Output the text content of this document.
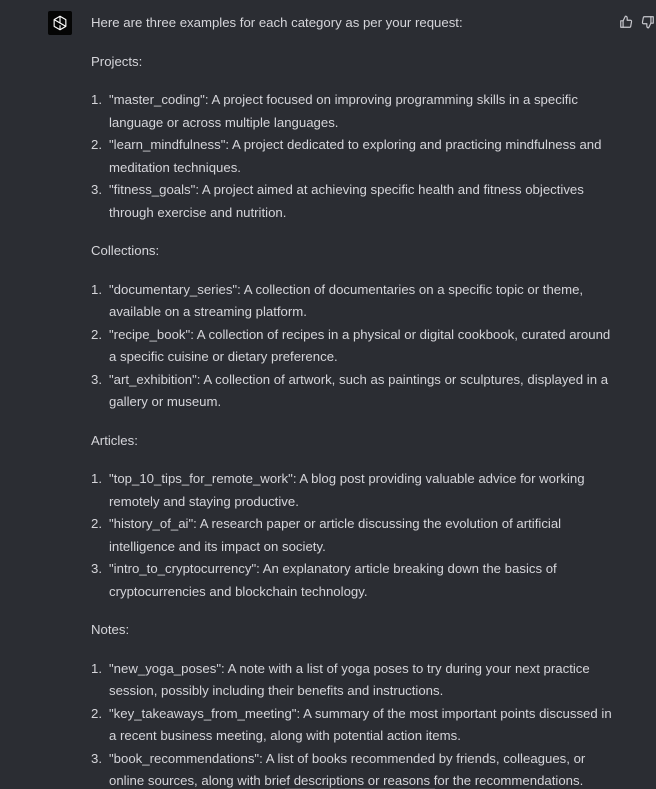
Here are three examples for each category as per your request:

Projects:

1. "master_coding": A project focused on improving programming skills in a specific language or across multiple languages.
2. "learn_mindfulness": A project dedicated to exploring and practicing mindfulness and meditation techniques.
3. "fitness_goals": A project aimed at achieving specific health and fitness objectives through exercise and nutrition.

Collections:

1. "documentary_series": A collection of documentaries on a specific topic or theme, available on a streaming platform.
2. "recipe_book": A collection of recipes in a physical or digital cookbook, curated around a specific cuisine or dietary preference.
3. "art_exhibition": A collection of artwork, such as paintings or sculptures, displayed in a gallery or museum.

Articles:

1. "top_10_tips_for_remote_work": A blog post providing valuable advice for working remotely and staying productive.
2. "history_of_ai": A research paper or article discussing the evolution of artificial intelligence and its impact on society.
3. "intro_to_cryptocurrency": An explanatory article breaking down the basics of cryptocurrencies and blockchain technology.

Notes:

1. "new_yoga_poses": A note with a list of yoga poses to try during your next practice session, possibly including their benefits and instructions.
2. "key_takeaways_from_meeting": A summary of the most important points discussed in a recent business meeting, along with potential action items.
3. "book_recommendations": A list of books recommended by friends, colleagues, or online sources, along with brief descriptions or reasons for the recommendations.
